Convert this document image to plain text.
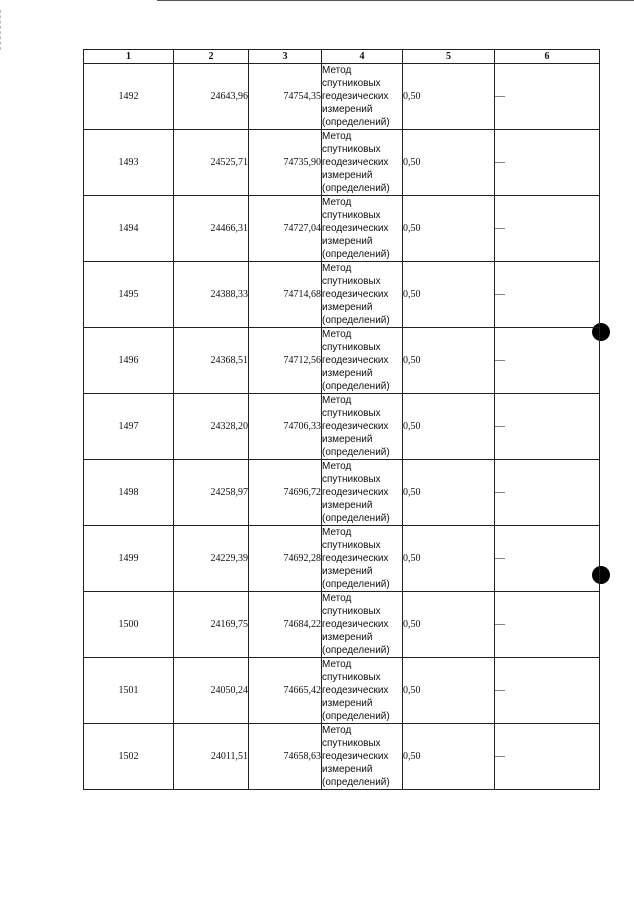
1	2	3	4	5	6
1492	24643,96	74754,35	Метод
спутниковых
геодезических
измерений
(определений)	0,50	—
1493	24525,71	74735,90	Метод
спутниковых
геодезических
измерений
(определений)	0,50	—
1494	24466,31	74727,04	Метод
спутниковых
геодезических
измерений
(определений)	0,50	—
1495	24388,33	74714,68	Метод
спутниковых
геодезических
измерений
(определений)	0,50	—
1496	24368,51	74712,56	Метод
спутниковых
геодезических
измерений
(определений)	0,50	—
1497	24328,20	74706,33	Метод
спутниковых
геодезических
измерений
(определений)	0,50	—
1498	24258,97	74696,72	Метод
спутниковых
геодезических
измерений
(определений)	0,50	—
1499	24229,39	74692,28	Метод
спутниковых
геодезических
измерений
(определений)	0,50	—
1500	24169,75	74684,22	Метод
спутниковых
геодезических
измерений
(определений)	0,50	—
1501	24050,24	74665,42	Метод
спутниковых
геодезических
измерений
(определений)	0,50	—
1502	24011,51	74658,63	Метод
спутниковых
геодезических
измерений
(определений)	0,50	—
